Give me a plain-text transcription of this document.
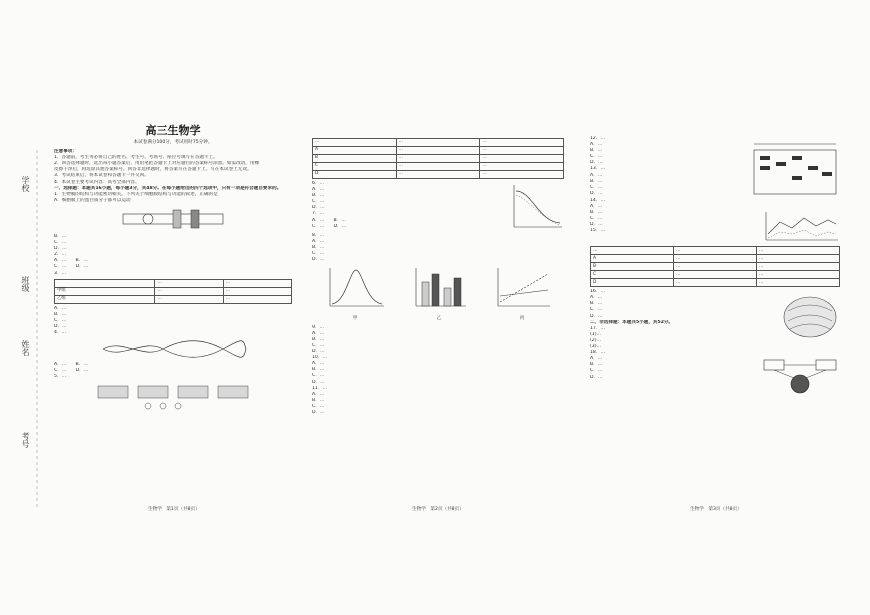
学校
班级
姓名
考号
高三生物学
本试卷满分100分，考试用时75分钟。
注意事项：
1．答题前，考生务必将自己的姓名、考生号、考场号、座位号填写在答题卡上。
2．回答选择题时，选出每小题答案后，用铅笔把答题卡上对应题目的答案标号涂黑。如需改动，用橡
皮擦干净后，再选涂其他答案标号。回答非选择题时，将答案写在答题卡上。写在本试卷上无效。
3．考试结束后，将本试卷和答题卡一并交回。
4．本试卷主要考试内容：高考全部内容。
一、选择题：本题共16小题，每小题3分，共48分。在每小题给出的四个选项中，只有一项是符合题目要求的。
1．生物膜的结构与功能密切相关。下列关于细胞膜结构与功能的叙述，正确的是
A．细胞膜上的蛋白质分子都可以运动
B．…
C．…
D．…
2．…
A．…　　B．…
C．…　　D．…
3．…
	…	…
甲组	…	…
乙组	…	…
A．…
B．…
C．…
D．…
4．…
A．…　　B．…
C．…　　D．…
5．…
…	…	…
A	…	…
B	…	…
C	…	…
D	…	…
6．…
A．…
B．…
C．…
D．…
7．…
A．…　　B．…
C．…　　D．…
8．…
A．…
B．…
C．…
D．…
甲	乙	丙
9．…
A．…
B．…
C．…
D．…
10．…
A．…
B．…
C．…
D．…
11．…
A．…
B．…
C．…
D．…
12．…
A．…
B．…
C．…
D．…
13．…
A．…
B．…
C．…
D．…
14．…
A．…
B．…
C．…
D．…
15．…
…	…	…
A	…	…
B	…	…
C	…	…
D	…	…
16．…
A．…
B．…
C．…
D．…
二、非选择题：本题共5小题，共52分。
17．…
(1)…
(2)…
(3)…
18．…
A．…
B．…
C．…
D．…
生物学　第1页（共8页）	生物学　第2页（共8页）	生物学　第3页（共8页）
